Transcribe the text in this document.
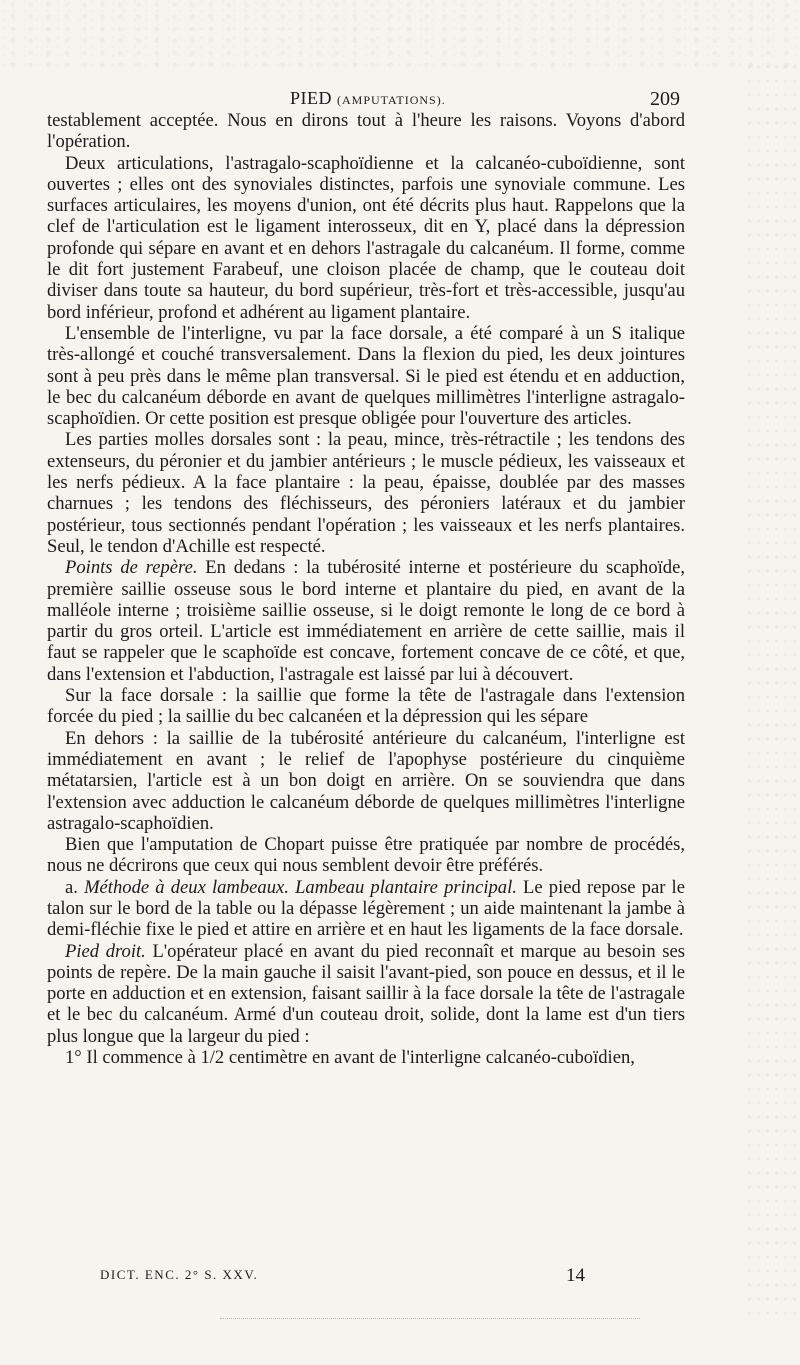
PIED (AMPUTATIONS).	209

testablement acceptée. Nous en dirons tout à l'heure les raisons. Voyons d'abord l'opération.

Deux articulations, l'astragalo-scaphoïdienne et la calcanéo-cuboïdienne, sont ouvertes ; elles ont des synoviales distinctes, parfois une synoviale commune. Les surfaces articulaires, les moyens d'union, ont été décrits plus haut. Rappelons que la clef de l'articulation est le ligament interosseux, dit en Y, placé dans la dépression profonde qui sépare en avant et en dehors l'astragale du calcanéum. Il forme, comme le dit fort justement Farabeuf, une cloison placée de champ, que le couteau doit diviser dans toute sa hauteur, du bord supérieur, très-fort et très-accessible, jusqu'au bord inférieur, profond et adhérent au ligament plantaire.

L'ensemble de l'interligne, vu par la face dorsale, a été comparé à un S italique très-allongé et couché transversalement. Dans la flexion du pied, les deux jointures sont à peu près dans le même plan transversal. Si le pied est étendu et en adduction, le bec du calcanéum déborde en avant de quelques millimètres l'interligne astragalo-scaphoïdien. Or cette position est presque obligée pour l'ouverture des articles.

Les parties molles dorsales sont : la peau, mince, très-rétractile ; les tendons des extenseurs, du péronier et du jambier antérieurs ; le muscle pédieux, les vaisseaux et les nerfs pédieux. A la face plantaire : la peau, épaisse, doublée par des masses charnues ; les tendons des fléchisseurs, des péroniers latéraux et du jambier postérieur, tous sectionnés pendant l'opération ; les vaisseaux et les nerfs plantaires. Seul, le tendon d'Achille est respecté.

Points de repère. En dedans : la tubérosité interne et postérieure du scaphoïde, première saillie osseuse sous le bord interne et plantaire du pied, en avant de la malléole interne ; troisième saillie osseuse, si le doigt remonte le long de ce bord à partir du gros orteil. L'article est immédiatement en arrière de cette saillie, mais il faut se rappeler que le scaphoïde est concave, fortement concave de ce côté, et que, dans l'extension et l'abduction, l'astragale est laissé par lui à découvert.

Sur la face dorsale : la saillie que forme la tête de l'astragale dans l'extension forcée du pied ; la saillie du bec calcanéen et la dépression qui les sépare

En dehors : la saillie de la tubérosité antérieure du calcanéum, l'interligne est immédiatement en avant ; le relief de l'apophyse postérieure du cinquième métatarsien, l'article est à un bon doigt en arrière. On se souviendra que dans l'extension avec adduction le calcanéum déborde de quelques millimètres l'interligne astragalo-scaphoïdien.

Bien que l'amputation de Chopart puisse être pratiquée par nombre de procédés, nous ne décrirons que ceux qui nous semblent devoir être préférés.

a. Méthode à deux lambeaux. Lambeau plantaire principal. Le pied repose par le talon sur le bord de la table ou la dépasse légèrement ; un aide maintenant la jambe à demi-fléchie fixe le pied et attire en arrière et en haut les ligaments de la face dorsale.

Pied droit. L'opérateur placé en avant du pied reconnaît et marque au besoin ses points de repère. De la main gauche il saisit l'avant-pied, son pouce en dessus, et il le porte en adduction et en extension, faisant saillir à la face dorsale la tête de l'astragale et le bec du calcanéum. Armé d'un couteau droit, solide, dont la lame est d'un tiers plus longue que la largeur du pied :

1° Il commence à 1/2 centimètre en avant de l'interligne calcanéo-cuboïdien,

DICT. ENC. 2° S. XXV.	14
